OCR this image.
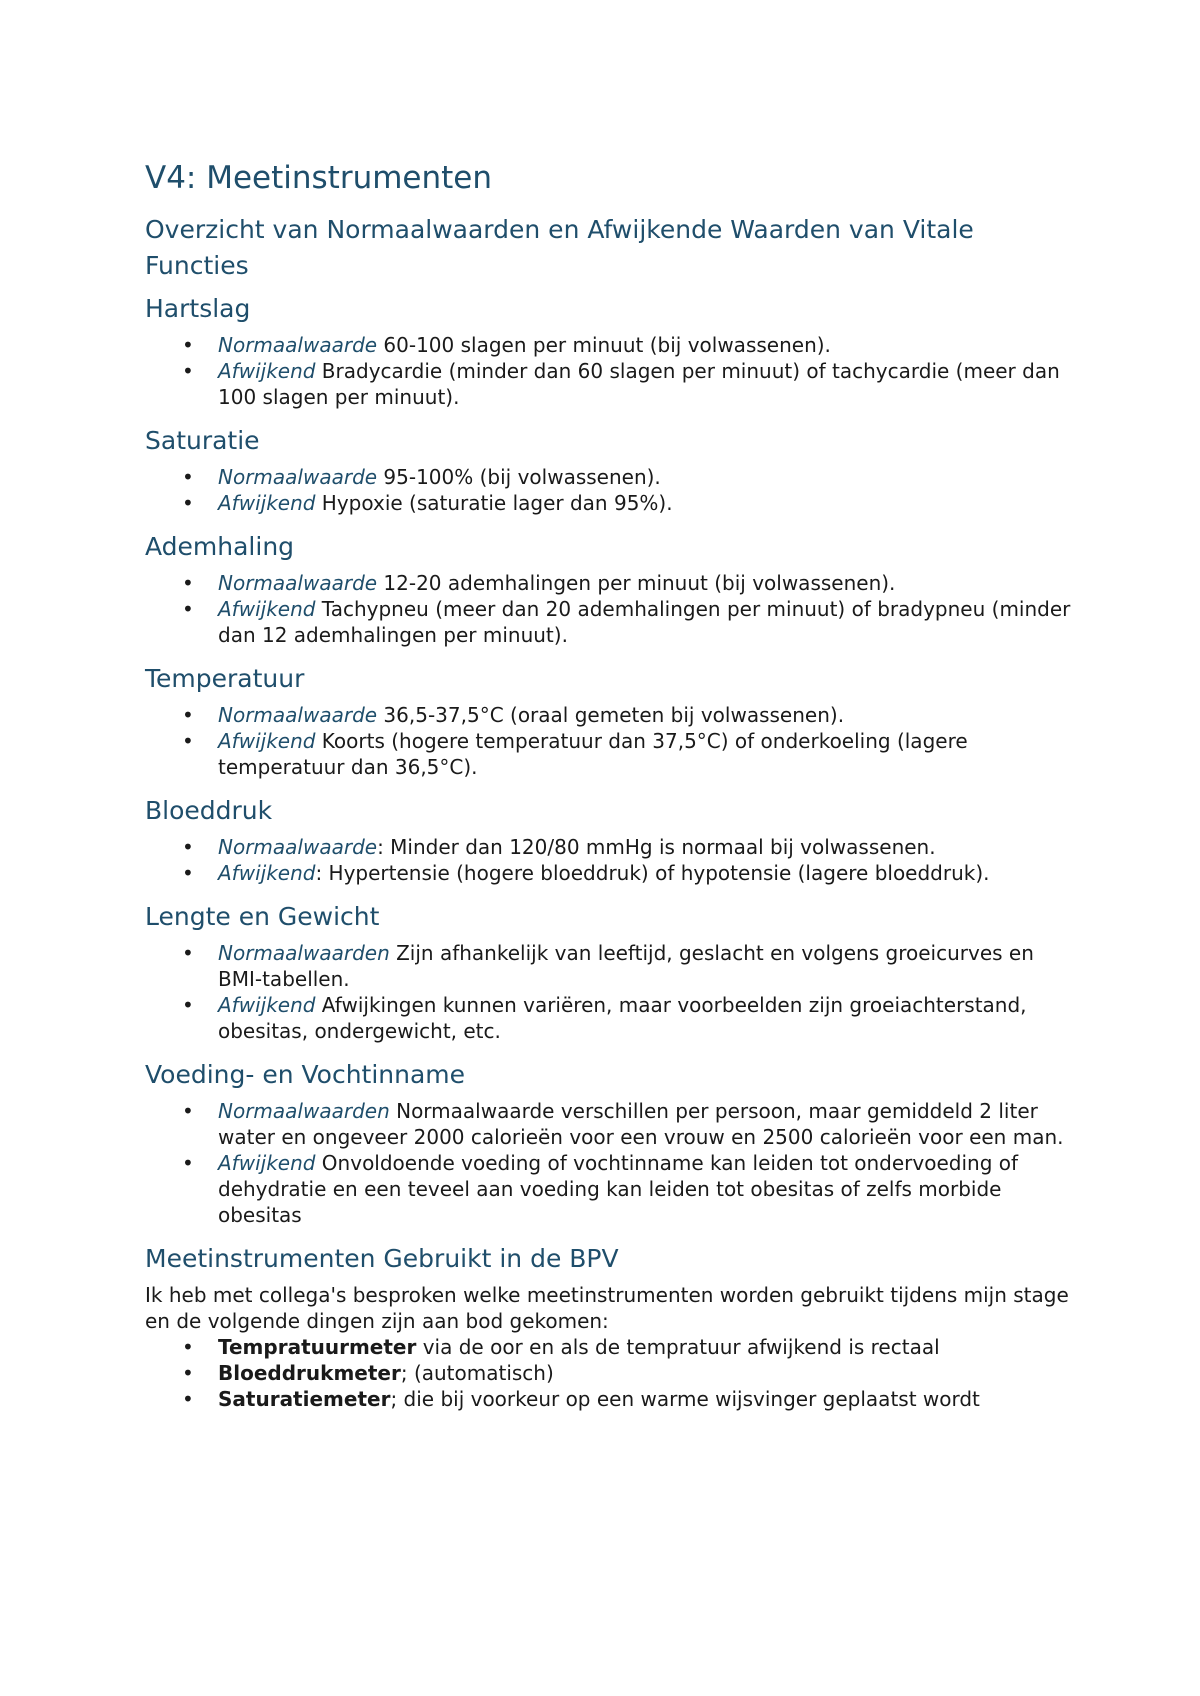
V4: Meetinstrumenten
Overzicht van Normaalwaarden en Afwijkende Waarden van Vitale Functies
Hartslag
• Normaalwaarde 60-100 slagen per minuut (bij volwassenen).
• Afwijkend Bradycardie (minder dan 60 slagen per minuut) of tachycardie (meer dan 100 slagen per minuut).
Saturatie
• Normaalwaarde 95-100% (bij volwassenen).
• Afwijkend Hypoxie (saturatie lager dan 95%).
Ademhaling
• Normaalwaarde 12-20 ademhalingen per minuut (bij volwassenen).
• Afwijkend Tachypneu (meer dan 20 ademhalingen per minuut) of bradypneu (minder dan 12 ademhalingen per minuut).
Temperatuur
• Normaalwaarde 36,5-37,5°C (oraal gemeten bij volwassenen).
• Afwijkend Koorts (hogere temperatuur dan 37,5°C) of onderkoeling (lagere temperatuur dan 36,5°C).
Bloeddruk
• Normaalwaarde: Minder dan 120/80 mmHg is normaal bij volwassenen.
• Afwijkend: Hypertensie (hogere bloeddruk) of hypotensie (lagere bloeddruk).
Lengte en Gewicht
• Normaalwaarden Zijn afhankelijk van leeftijd, geslacht en volgens groeicurves en BMI-tabellen.
• Afwijkend Afwijkingen kunnen variëren, maar voorbeelden zijn groeiachterstand, obesitas, ondergewicht, etc.
Voeding- en Vochtinname
• Normaalwaarden Normaalwaarde verschillen per persoon, maar gemiddeld 2 liter water en ongeveer 2000 calorieën voor een vrouw en 2500 calorieën voor een man.
• Afwijkend Onvoldoende voeding of vochtinname kan leiden tot ondervoeding of dehydratie en een teveel aan voeding kan leiden tot obesitas of zelfs morbide obesitas
Meetinstrumenten Gebruikt in de BPV

Ik heb met collega's besproken welke meetinstrumenten worden gebruikt tijdens mijn stage en de volgende dingen zijn aan bod gekomen:

• Tempratuurmeter via de oor en als de tempratuur afwijkend is rectaal
• Bloeddrukmeter; (automatisch)
• Saturatiemeter; die bij voorkeur op een warme wijsvinger geplaatst wordt
